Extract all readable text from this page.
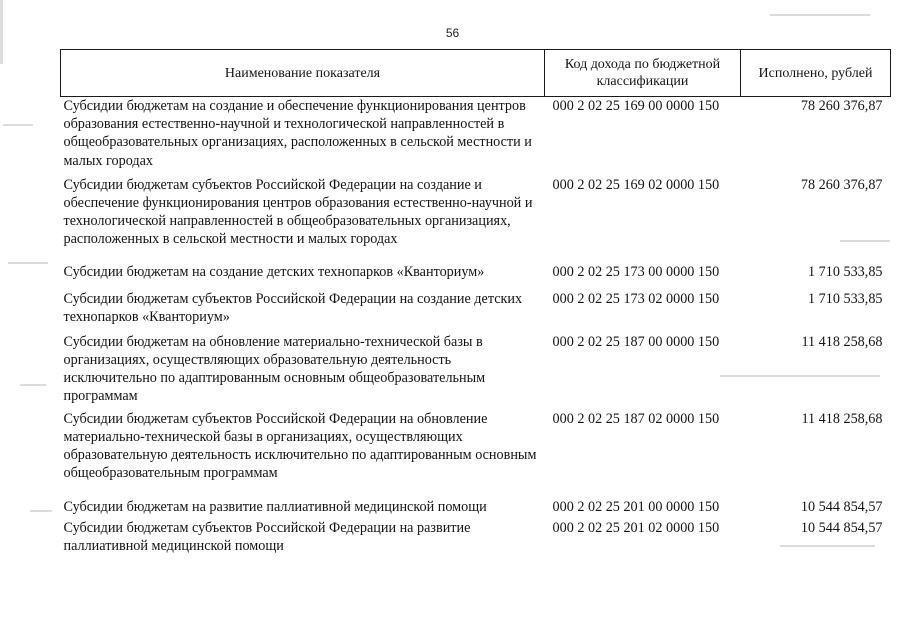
56
Наименование показателя	Код дохода по бюджетной классификации	Исполнено, рублей
Субсидии бюджетам на создание и обеспечение функционирования центров образования естественно-научной и технологической направленностей в общеобразовательных организациях, расположенных в сельской местности и малых городах	000 2 02 25 169 00 0000 150	78 260 376,87
Субсидии бюджетам субъектов Российской Федерации на создание и обеспечение функционирования центров образования естественно-научной и технологической направленностей в общеобразовательных организациях, расположенных в сельской местности и малых городах	000 2 02 25 169 02 0000 150	78 260 376,87
Субсидии бюджетам на создание детских технопарков «Кванториум»	000 2 02 25 173 00 0000 150	1 710 533,85
Субсидии бюджетам субъектов Российской Федерации на создание детских технопарков «Кванториум»	000 2 02 25 173 02 0000 150	1 710 533,85
Субсидии бюджетам на обновление материально-технической базы в организациях, осуществляющих образовательную деятельность исключительно по адаптированным основным общеобразовательным программам	000 2 02 25 187 00 0000 150	11 418 258,68
Субсидии бюджетам субъектов Российской Федерации на обновление материально-технической базы в организациях, осуществляющих образовательную деятельность исключительно по адаптированным основным общеобразовательным программам	000 2 02 25 187 02 0000 150	11 418 258,68
Субсидии бюджетам на развитие паллиативной медицинской помощи	000 2 02 25 201 00 0000 150	10 544 854,57
Субсидии бюджетам субъектов Российской Федерации на развитие паллиативной медицинской помощи	000 2 02 25 201 02 0000 150	10 544 854,57
